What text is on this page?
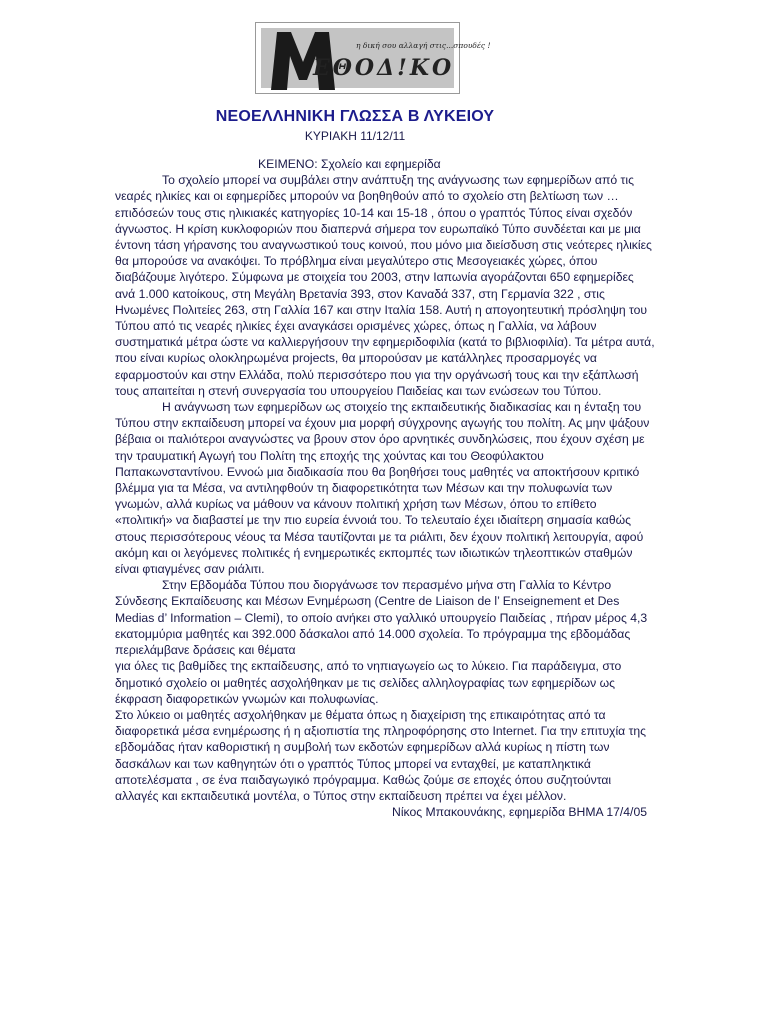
η δική σου αλλαγή στις...σπουδές !
ΕΘΟΔ!ΚΟ
ΝΕΟΕΛΛΗΝΙΚΗ ΓΛΩΣΣΑ Β ΛΥΚΕΙΟΥ
ΚΥΡΙΑΚΗ 11/12/11

ΚΕΙΜΕΝΟ: Σχολείο και εφημερίδα

Το σχολείο μπορεί να συμβάλει στην ανάπτυξη της ανάγνωσης των εφημερίδων από τις νεαρές ηλικίες και οι εφημερίδες μπορούν να βοηθηθούν από το σχολείο στη βελτίωση των … επιδόσεών τους στις ηλικιακές κατηγορίες 10-14 και 15-18 , όπου ο γραπτός Τύπος είναι σχεδόν άγνωστος. Η κρίση κυκλοφοριών που διαπερνά σήμερα τον ευρωπαϊκό Τύπο συνδέεται και με μια έντονη τάση γήρανσης του αναγνωστικού τους κοινού, που μόνο μια διείσδυση στις νεότερες ηλικίες θα μπορούσε να ανακόψει. Το πρόβλημα είναι μεγαλύτερο στις Μεσογειακές χώρες, όπου διαβάζουμε λιγότερο. Σύμφωνα με στοιχεία του 2003, στην Ιαπωνία αγοράζονται 650 εφημερίδες ανά 1.000 κατοίκους, στη Μεγάλη Βρετανία 393, στον Καναδά 337, στη Γερμανία 322 , στις Ηνωμένες Πολιτείες 263, στη Γαλλία 167 και στην Ιταλία 158. Αυτή η απογοητευτική πρόσληψη του Τύπου από τις νεαρές ηλικίες έχει αναγκάσει ορισμένες χώρες, όπως η Γαλλία, να λάβουν συστηματικά μέτρα ώστε να καλλιεργήσουν την εφημεριδοφιλία (κατά το βιβλιοφιλία). Τα μέτρα αυτά, που είναι κυρίως ολοκληρωμένα projects, θα μπορούσαν με κατάλληλες προσαρμογές να εφαρμοστούν και στην Ελλάδα, πολύ περισσότερο που για την οργάνωσή τους και την εξάπλωσή τους απαιτείται η στενή συνεργασία του υπουργείου Παιδείας και των ενώσεων του Τύπου.

Η ανάγνωση των εφημερίδων ως στοιχείο της εκπαιδευτικής διαδικασίας και η ένταξη του Τύπου στην εκπαίδευση μπορεί να έχουν μια μορφή σύγχρονης αγωγής του πολίτη. Ας μην ψάξουν βέβαια οι παλιότεροι αναγνώστες να βρουν στον όρο αρνητικές συνδηλώσεις, που έχουν σχέση με την τραυματική Αγωγή του Πολίτη της εποχής της χούντας και του Θεοφύλακτου Παπακωνσταντίνου. Εννοώ μια διαδικασία που θα βοηθήσει τους μαθητές να αποκτήσουν κριτικό βλέμμα για τα Μέσα, να αντιληφθούν τη διαφορετικότητα των Μέσων και την πολυφωνία των γνωμών, αλλά κυρίως να μάθουν να κάνουν πολιτική χρήση των Μέσων, όπου το επίθετο «πολιτική» να διαβαστεί με την πιο ευρεία έννοιά του. Το τελευταίο έχει ιδιαίτερη σημασία καθώς στους περισσότερους νέους τα Μέσα ταυτίζονται με τα ριάλιτι, δεν έχουν πολιτική λειτουργία, αφού ακόμη και οι λεγόμενες πολιτικές ή ενημερωτικές εκπομπές των ιδιωτικών τηλεοπτικών σταθμών είναι φτιαγμένες σαν ριάλιτι.

Στην Εβδομάδα Τύπου που διοργάνωσε τον περασμένο μήνα στη Γαλλία το Κέντρο Σύνδεσης Εκπαίδευσης και Μέσων Ενημέρωση (Centre de Liaison de l’ Enseignement et Des Medias d’ Information – Clemi), το οποίο ανήκει στο γαλλικό υπουργείο Παιδείας , πήραν μέρος 4,3 εκατομμύρια μαθητές και 392.000 δάσκαλοι από 14.000 σχολεία. Το πρόγραμμα της εβδομάδας περιελάμβανε δράσεις και θέματα

για όλες τις βαθμίδες της εκπαίδευσης, από το νηπιαγωγείο ως το λύκειο. Για παράδειγμα, στο δημοτικό σχολείο οι μαθητές ασχολήθηκαν με τις σελίδες αλληλογραφίας των εφημερίδων ως έκφραση διαφορετικών γνωμών και πολυφωνίας.

Στο λύκειο οι μαθητές ασχολήθηκαν με θέματα όπως η διαχείριση της επικαιρότητας από τα διαφορετικά μέσα ενημέρωσης ή η αξιοπιστία της πληροφόρησης στο Internet. Για την επιτυχία της εβδομάδας ήταν καθοριστική η συμβολή των εκδοτών εφημερίδων αλλά κυρίως η πίστη των δασκάλων και των καθηγητών ότι ο γραπτός Τύπος μπορεί να ενταχθεί, με καταπληκτικά αποτελέσματα , σε ένα παιδαγωγικό πρόγραμμα. Καθώς ζούμε σε εποχές όπου συζητούνται αλλαγές και εκπαιδευτικά μοντέλα, ο Τύπος στην εκπαίδευση πρέπει να έχει μέλλον.

Νίκος Μπακουνάκης, εφημερίδα ΒΗΜΑ 17/4/05
